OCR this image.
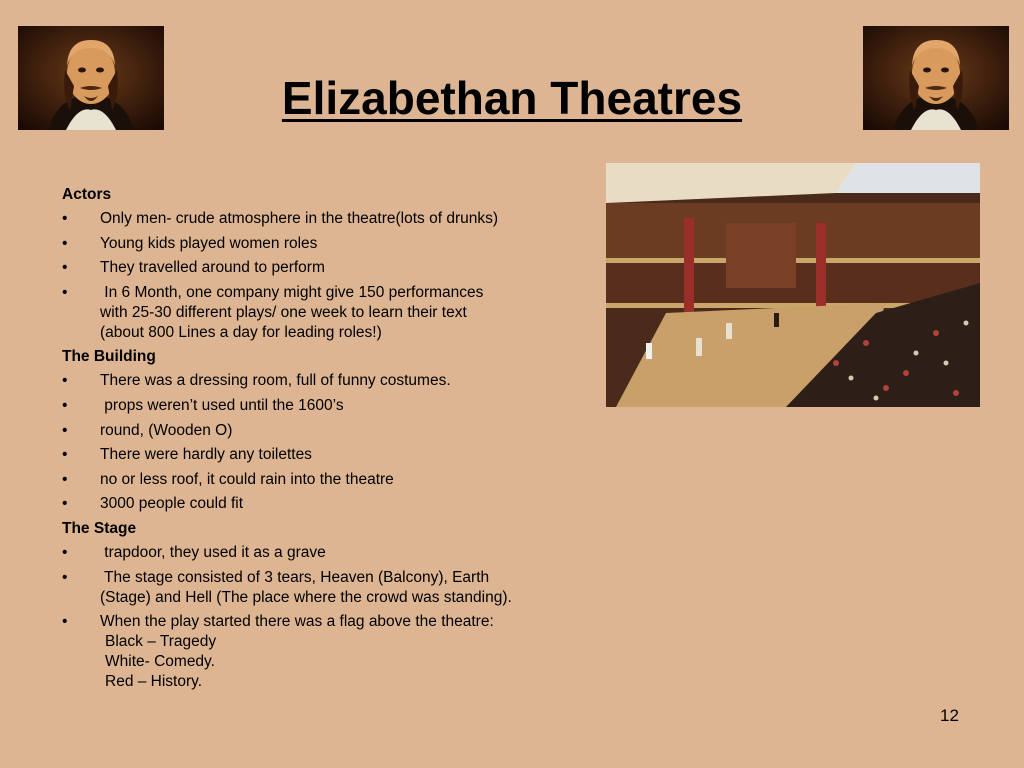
Elizabethan Theatres
Actors
• Only men- crude atmosphere in the theatre(lots of drunks)
• Young kids played women roles
• They travelled around to perform
• In 6 Month, one company might give 150 performances
with 25-30 different plays/ one week to learn their text
(about 800 Lines a day for leading roles!)
The Building
• There was a dressing room, full of funny costumes.
• props weren’t used until the 1600’s
• round, (Wooden O)
• There were hardly any toilettes
• no or less roof, it could rain into the theatre
• 3000 people could fit
The Stage
• trapdoor, they used it as a grave
• The stage consisted of 3 tears, Heaven (Balcony), Earth
(Stage) and Hell (The place where the crowd was standing).
• When the play started there was a flag above the theatre:
Black – Tragedy
White- Comedy.
Red – History.
12
